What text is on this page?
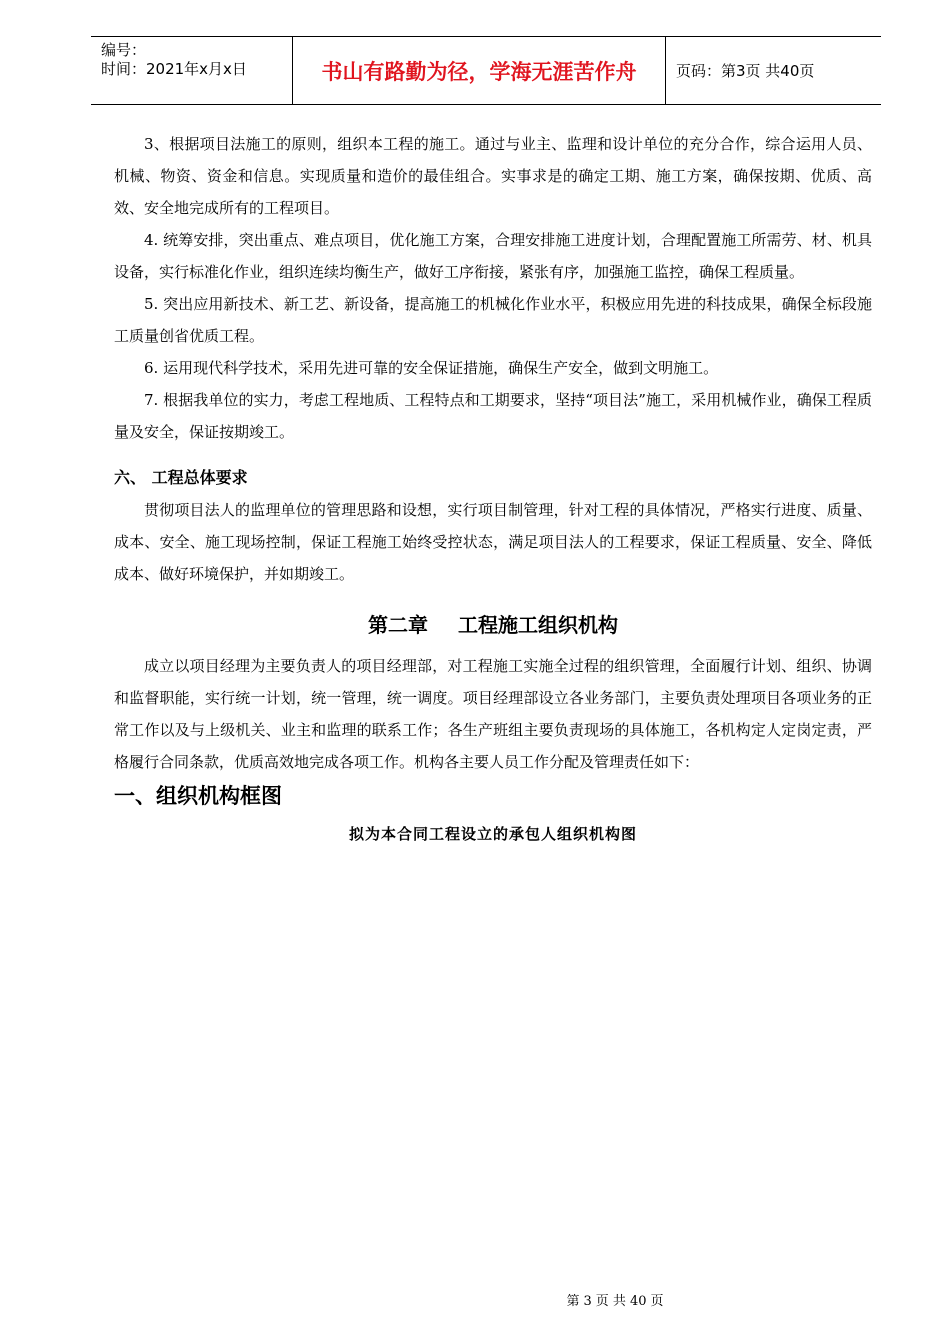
编号：
时间：2021年x月x日	书山有路勤为径，学海无涯苦作舟	页码：第3页 共40页

3、根据项目法施工的原则，组织本工程的施工。通过与业主、监理和设计单位的充分合作，综合运用人员、机械、物资、资金和信息。实现质量和造价的最佳组合。实事求是的确定工期、施工方案，确保按期、优质、高效、安全地完成所有的工程项目。

4. 统筹安排，突出重点、难点项目，优化施工方案，合理安排施工进度计划，合理配置施工所需劳、材、机具设备，实行标准化作业，组织连续均衡生产，做好工序衔接，紧张有序，加强施工监控，确保工程质量。

5. 突出应用新技术、新工艺、新设备，提高施工的机械化作业水平，积极应用先进的科技成果，确保全标段施工质量创省优质工程。

6. 运用现代科学技术，采用先进可靠的安全保证措施，确保生产安全，做到文明施工。

7. 根据我单位的实力，考虑工程地质、工程特点和工期要求，坚持“项目法”施工，采用机械作业，确保工程质量及安全，保证按期竣工。

六、 工程总体要求

贯彻项目法人的监理单位的管理思路和设想，实行项目制管理，针对工程的具体情况，严格实行进度、质量、成本、安全、施工现场控制，保证工程施工始终受控状态，满足项目法人的工程要求，保证工程质量、安全、降低成本、做好环境保护，并如期竣工。

第二章 工程施工组织机构

成立以项目经理为主要负责人的项目经理部，对工程施工实施全过程的组织管理，全面履行计划、组织、协调和监督职能，实行统一计划，统一管理，统一调度。项目经理部设立各业务部门，主要负责处理项目各项业务的正常工作以及与上级机关、业主和监理的联系工作；各生产班组主要负责现场的具体施工，各机构定人定岗定责，严格履行合同条款，优质高效地完成各项工作。机构各主要人员工作分配及管理责任如下：

一、组织机构框图
拟为本合同工程设立的承包人组织机构图
第 3 页 共 40 页
